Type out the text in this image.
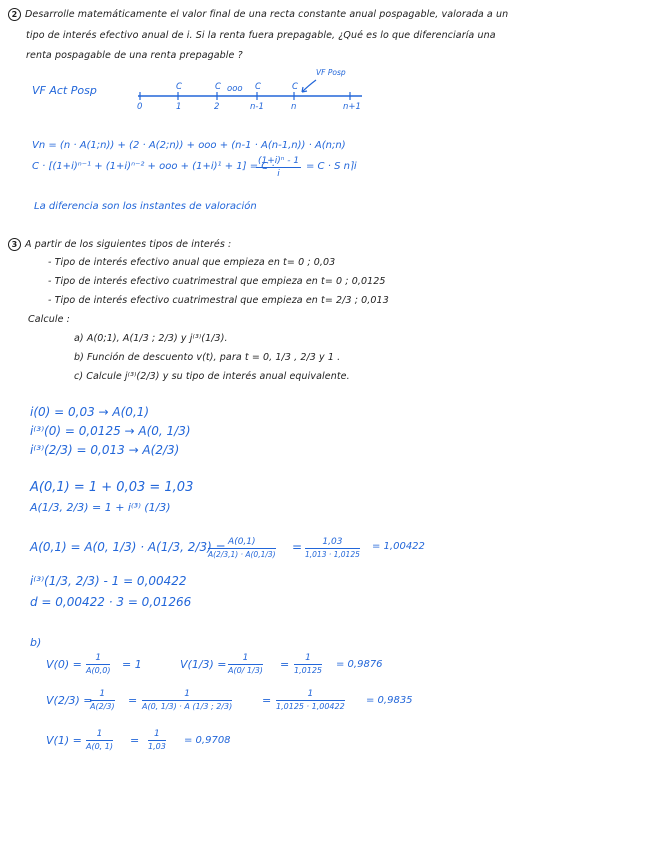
2 Desarrolle matemáticamente el valor final de una recta constante anual pospagable, valorada a un
tipo de interés efectivo anual de i. Si la renta fuera prepagable, ¿Qué es lo que diferenciaría una
renta pospagable de una renta prepagable ?
VF Act Posp	C	C ooo C	C
VF Posp
0	1	2	n-1	n	n+1
Vn = (n · A(1;n)) + (2 · A(2;n)) + ooo + (n-1 · A(n-1,n)) · A(n;n)
C · [(1+i)ⁿ⁻¹ + (1+i)ⁿ⁻² + ooo + (1+i)¹ + 1] = C ·
$\frac{\text{(1+i)ⁿ - 1}}{i} = C \cdot S$ n⌉i
La diferencia son los instantes de valoración
3 A partir de los siguientes tipos de interés :
- Tipo de interés efectivo anual que empieza en t= 0 ; 0,03
- Tipo de interés efectivo cuatrimestral que empieza en t= 0 ; 0,0125
- Tipo de interés efectivo cuatrimestral que empieza en t= 2/3 ; 0,013
Calcule :
a) A(0;1), A(1/3 ; 2/3) y j⁽³⁾(1/3).
b) Función de descuento v(t), para t = 0, 1/3 , 2/3 y 1 .
c) Calcule j⁽³⁾(2/3) y su tipo de interés anual equivalente.
i(0) = 0,03 → A(0,1)
i⁽³⁾(0) = 0,0125 → A(0, 1/3)
i⁽³⁾(2/3) = 0,013 → A(2/3)
A(0,1) = 1 + 0,03 = 1,03
A(1/3, 2/3) = 1 + i⁽³⁾ (1/3)
A(0,1) = A(0, 1/3) · A(1/3, 2/3) = A(0,1)
A(2/3,1) · A(0,1/3)
=	1,03
1,013 · 1,0125
= 1,00422
i⁽³⁾(1/3, 2/3) - 1 = 0,00422
d = 0,00422 · 3 = 0,01266
b)
$V(0) = \frac{1}{A(0,0)} = 1$	$V(1/3) = \frac{1}{A(0/ 1/3)} = \frac{1}{1,0125} = 0,9876$
V(2/3) =
$\frac{1}{A(2/3)} = \frac{1}{A(0, 1/3) \cdot A (1/3 ; 2/3)}$	= $\frac{1}{1,0125 \cdot 1,00422} = 0,9835$
$V(1) = \frac{1}{A(0, 1)} = \frac{1}{1,03} = 0,9708$
